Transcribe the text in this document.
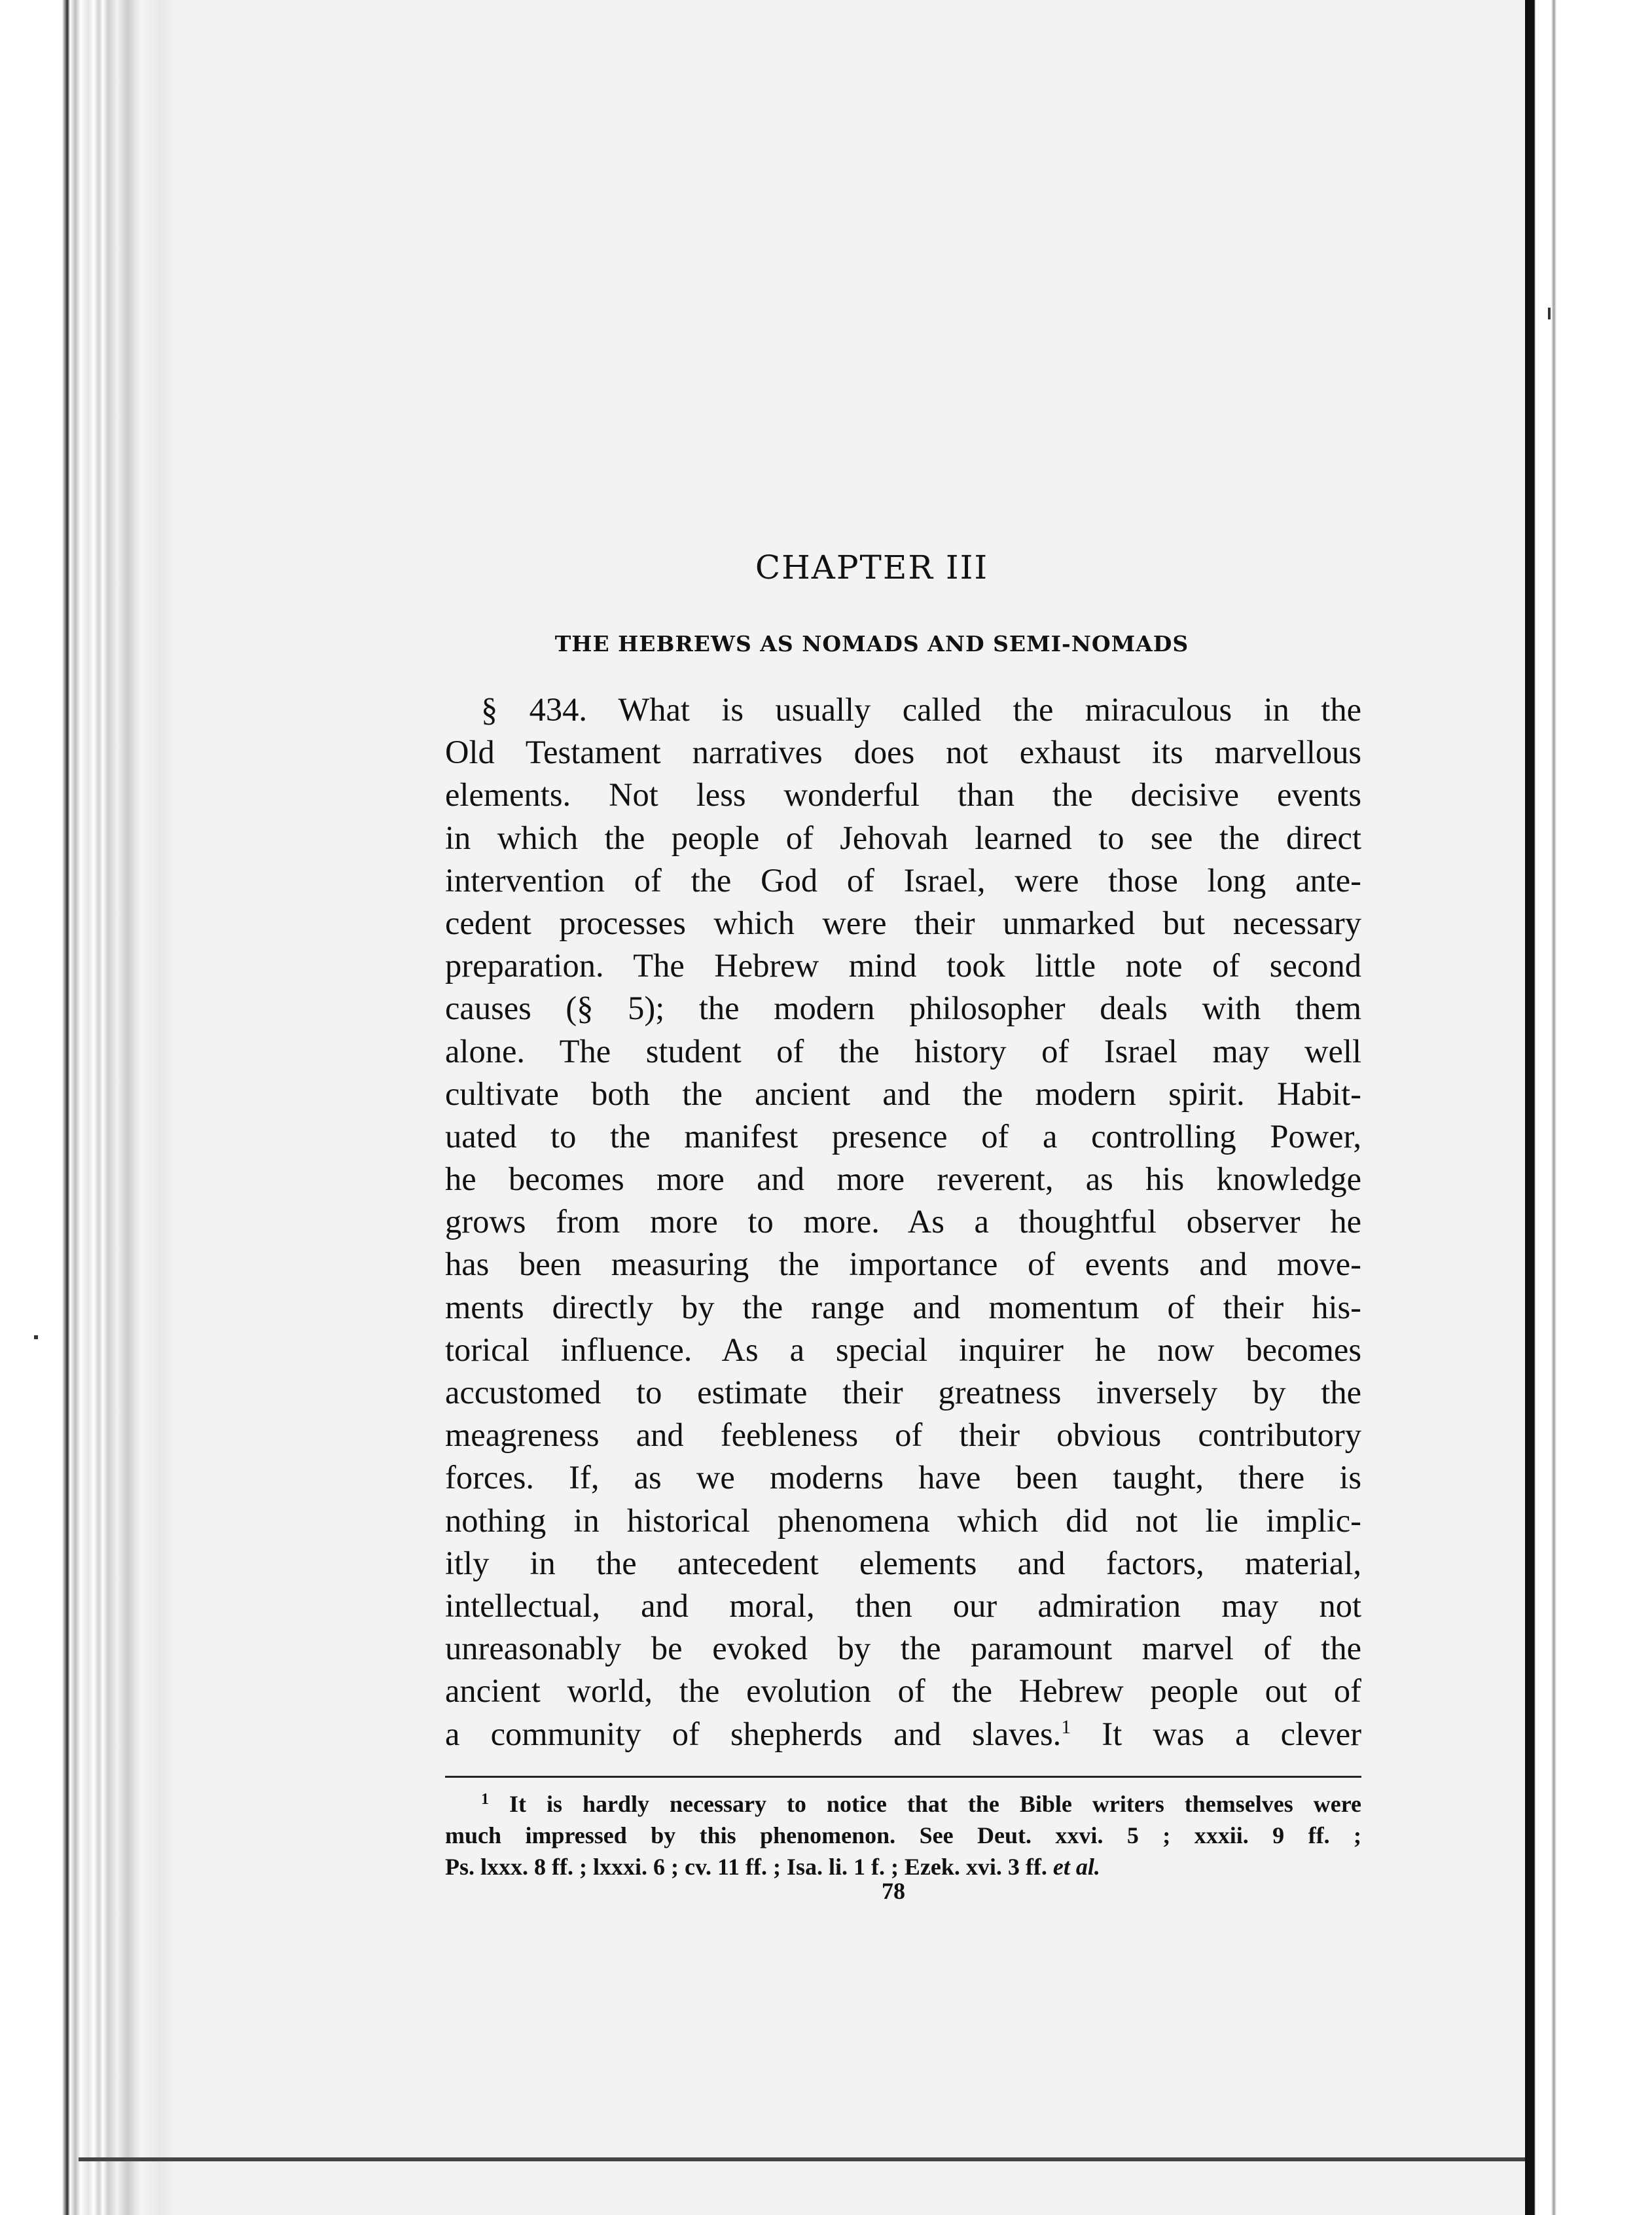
CHAPTER III
THE HEBREWS AS NOMADS AND SEMI-NOMADS
§ 434. What is usually called the miraculous in the
Old Testament narratives does not exhaust its marvellous
elements. Not less wonderful than the decisive events
in which the people of Jehovah learned to see the direct
intervention of the God of Israel, were those long ante-
cedent processes which were their unmarked but necessary
preparation. The Hebrew mind took little note of second
causes (§ 5); the modern philosopher deals with them
alone. The student of the history of Israel may well
cultivate both the ancient and the modern spirit. Habit-
uated to the manifest presence of a controlling Power,
he becomes more and more reverent, as his knowledge
grows from more to more. As a thoughtful observer he
has been measuring the importance of events and move-
ments directly by the range and momentum of their his-
torical influence. As a special inquirer he now becomes
accustomed to estimate their greatness inversely by the
meagreness and feebleness of their obvious contributory
forces. If, as we moderns have been taught, there is
nothing in historical phenomena which did not lie implic-
itly in the antecedent elements and factors, material,
intellectual, and moral, then our admiration may not
unreasonably be evoked by the paramount marvel of the
ancient world, the evolution of the Hebrew people out of
a community of shepherds and slaves.$^1$ It was a clever
$^1$ It is hardly necessary to notice that the Bible writers themselves were
much impressed by this phenomenon. See Deut. xxvi. 5 ; xxxii. 9 ff. ;
Ps. lxxx. 8 ff. ; lxxxi. 6 ; cv. 11 ff. ; Isa. li. 1 f. ; Ezek. xvi. 3 ff. et al.
78
